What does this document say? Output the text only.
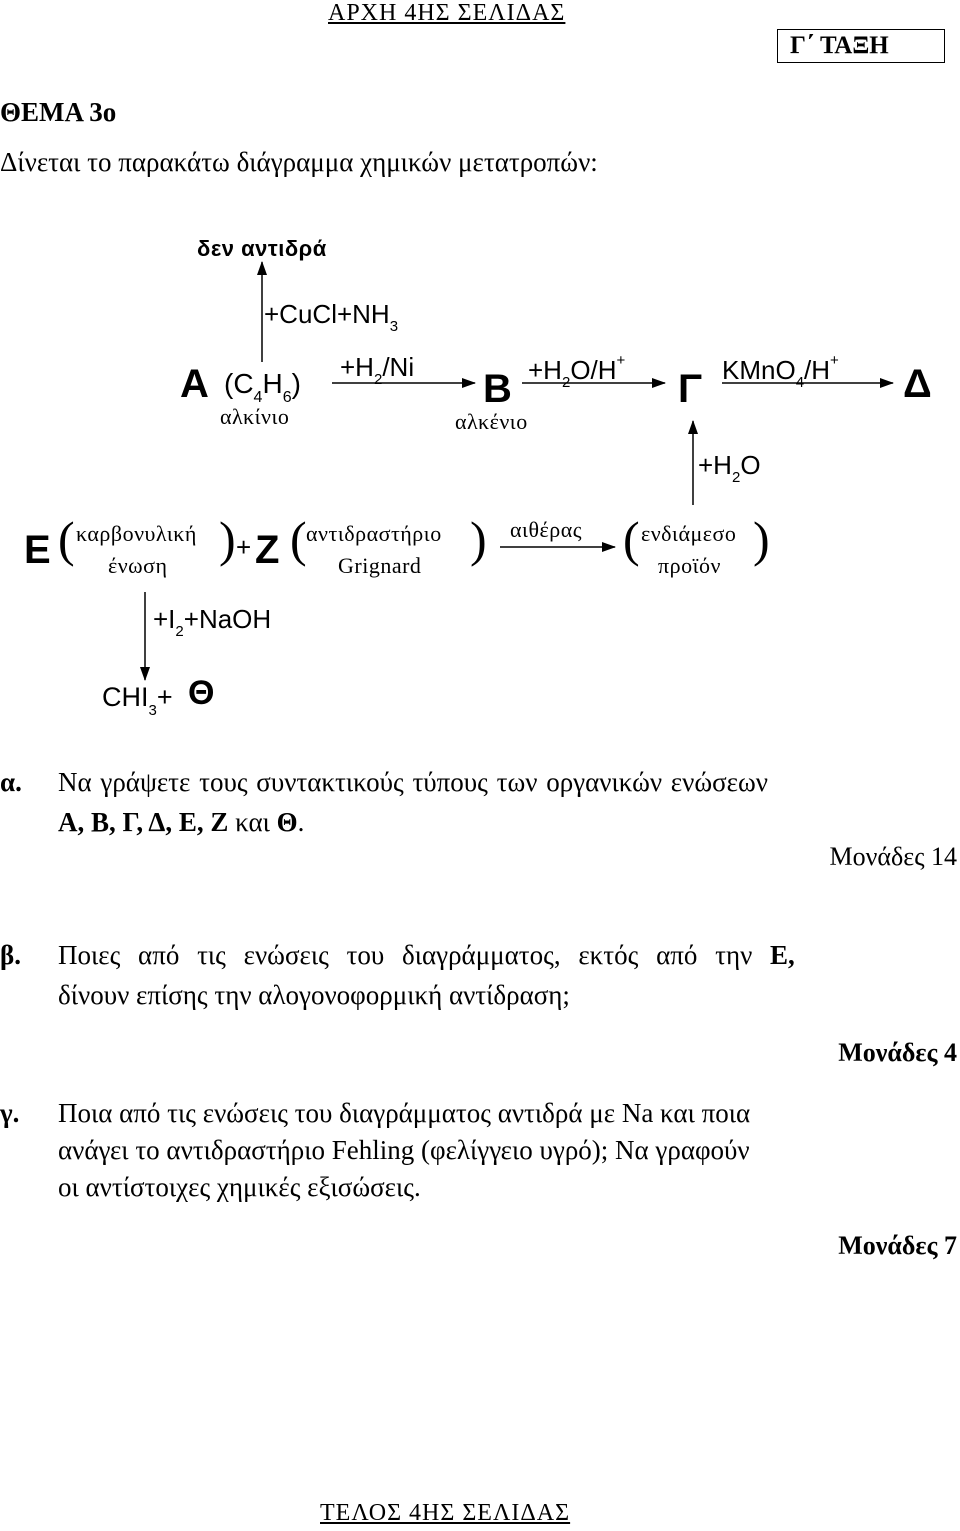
ΑΡΧΗ 4ΗΣ ΣΕΛΙΔΑΣ
Γ΄ ΤΑΞΗ
ΘΕΜΑ 3ο
Δίνεται το παρακάτω διάγραμμα χημικών μετατροπών:
δεν αντιδρά
$+CuCl+NH_3$
A $(C_4H_6)$
αλκίνιο
$+H_2/Ni$ B
αλκένιο
$+H_2O/H^+$
Γ KMnO$_4$/H+
Δ
$+H_2O$
E ( καρβονυλική
ένωση ) + Z ( αντιδραστήριο
Grignard ) αιθέρας ( ενδιάμεσο
προϊόν )
$+I_2+NaOH$
$CHI_3+ \Theta$
α. Να γράψετε τους συντακτικούς τύπους των οργανικών ενώσεων
Α, Β, Γ, Δ, Ε, Ζ και Θ.
Μονάδες 14
β. Ποιες από τις ενώσεις του διαγράμματος, εκτός από την Ε,
δίνουν επίσης την αλογονοφορμική αντίδραση;
Μονάδες 4
γ. Ποια από τις ενώσεις του διαγράμματος αντιδρά με Na και ποια
ανάγει το αντιδραστήριο Fehling (φελίγγειο υγρό); Να γραφούν
οι αντίστοιχες χημικές εξισώσεις.
Μονάδες 7
ΤΕΛΟΣ 4ΗΣ ΣΕΛΙΔΑΣ
